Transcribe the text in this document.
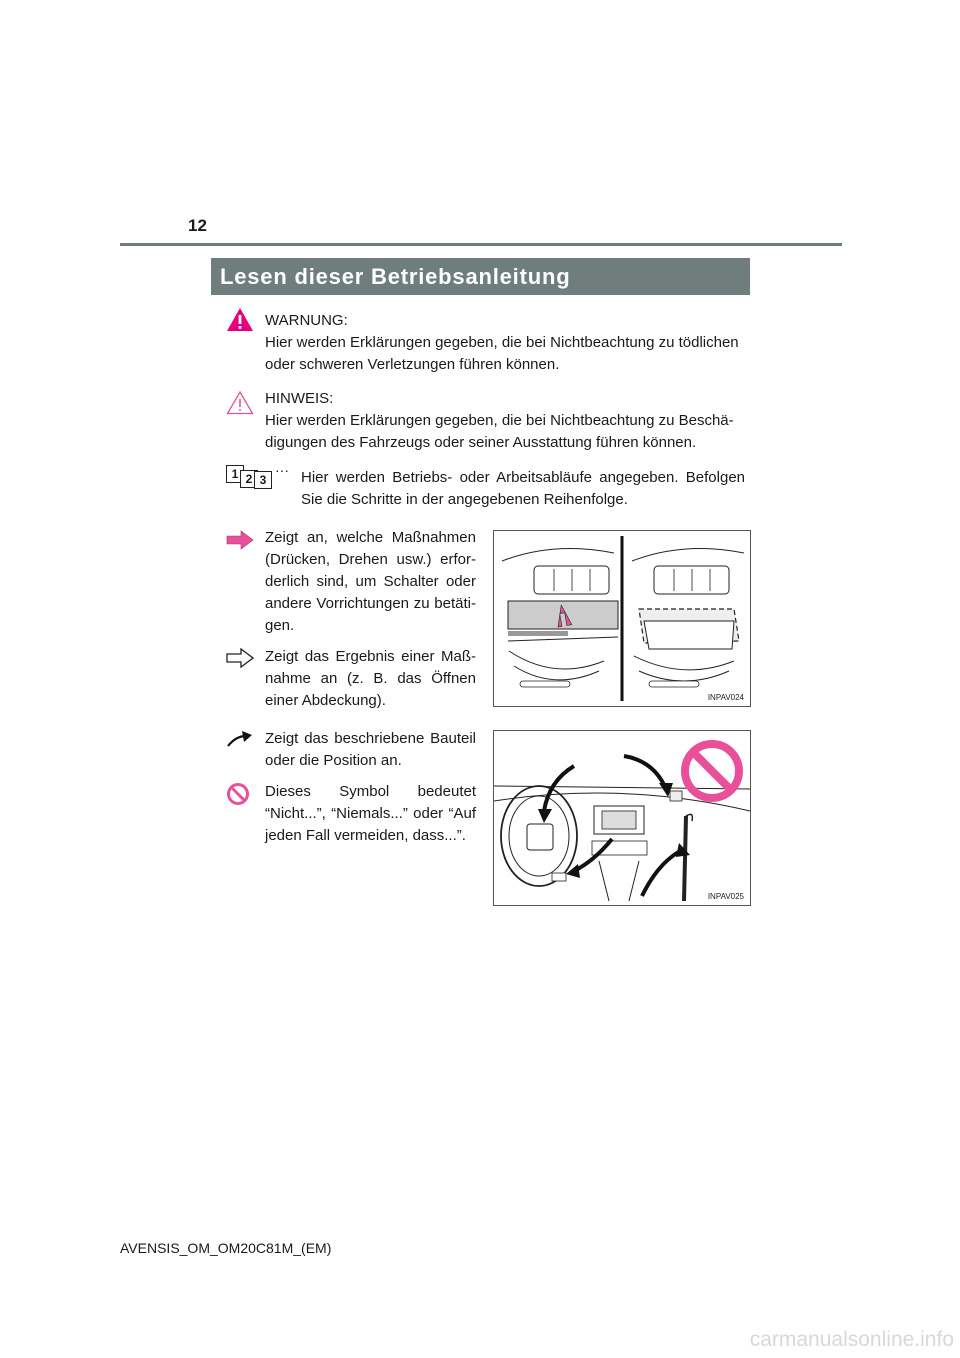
12
Lesen dieser Betriebsanleitung
WARNUNG:
Hier werden Erklärungen gegeben, die bei Nichtbeachtung zu tödlichen oder schweren Verletzungen führen können.
HINWEIS:
Hier werden Erklärungen gegeben, die bei Nichtbeachtung zu Beschä-digungen des Fahrzeugs oder seiner Ausstattung führen können.
1 2 3
··· Hier werden Betriebs- oder Arbeitsabläufe angegeben. Befolgen Sie die Schritte in der angegebenen Reihenfolge.
Zeigt an, welche Maßnahmen (Drücken, Drehen usw.) erfor-derlich sind, um Schalter oder andere Vorrichtungen zu betäti-gen.
Zeigt das Ergebnis einer Maß-nahme an (z. B. das Öffnen einer Abdeckung).
Zeigt das beschriebene Bauteil oder die Position an.
Dieses Symbol bedeutet “Nicht...”, “Niemals...” oder “Auf jeden Fall vermeiden, dass...”.
INPAV024
INPAV025
AVENSIS_OM_OM20C81M_(EM)
carmanualsonline.info
